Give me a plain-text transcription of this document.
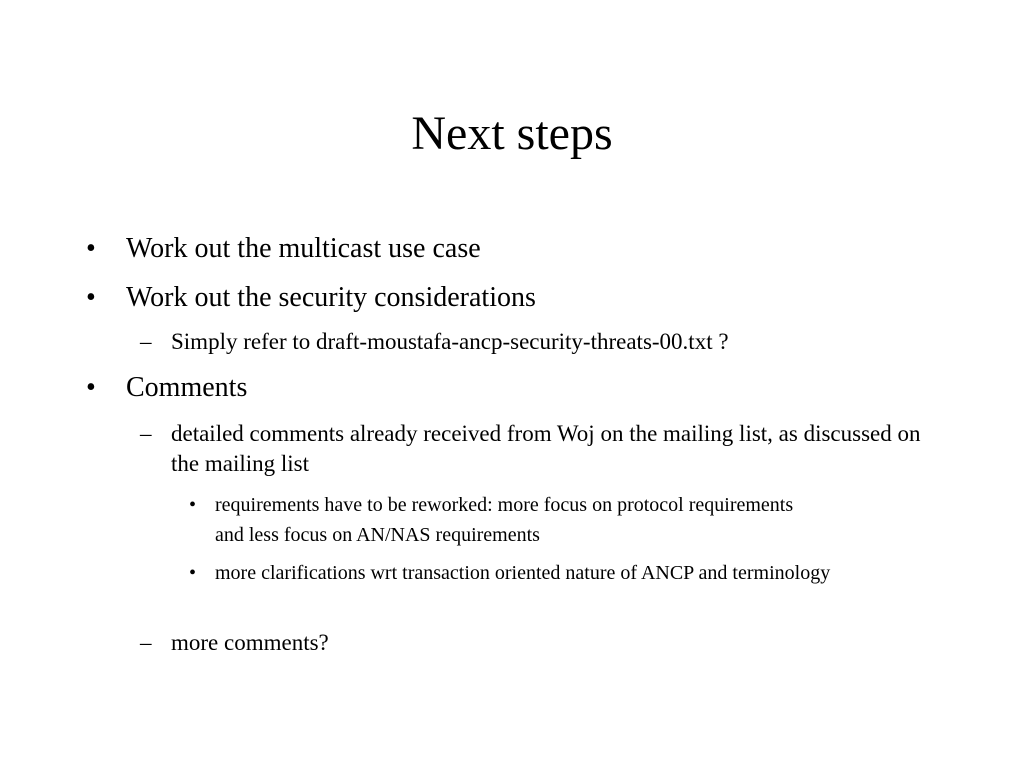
Next steps
• Work out the multicast use case
• Work out the security considerations
– Simply refer to draft-moustafa-ancp-security-threats-00.txt ?
• Comments
– detailed comments already received from Woj on the mailing list, as discussed on the mailing list
• requirements have to be reworked: more focus on protocol requirements and less focus on AN/NAS requirements
• more clarifications wrt transaction oriented nature of ANCP and terminology
– more comments?
